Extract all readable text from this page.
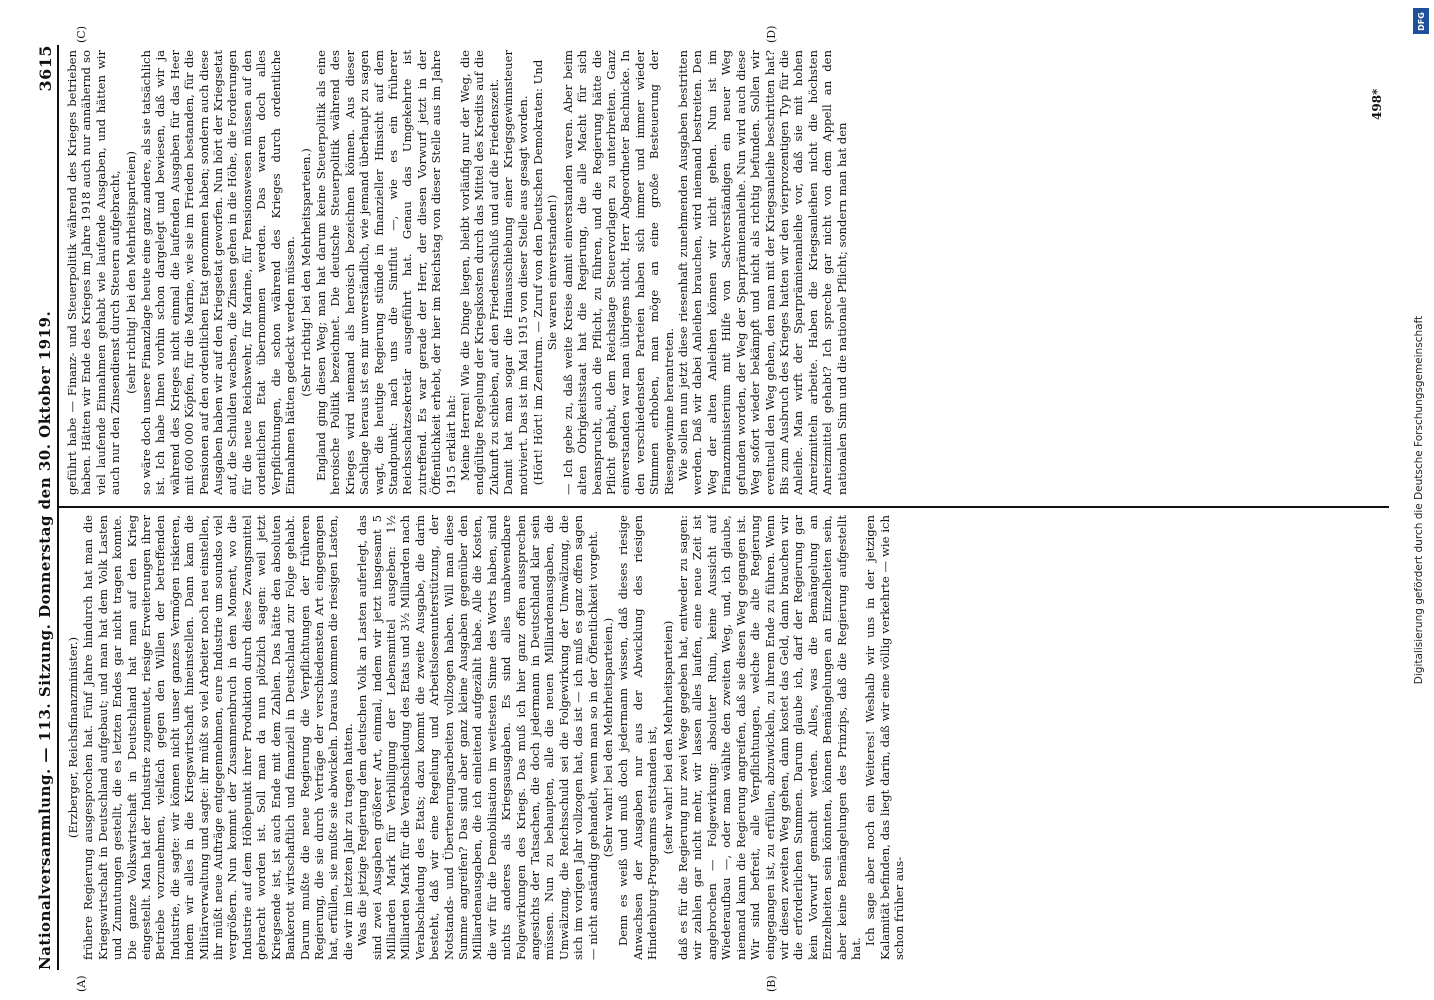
Nationalversammlung. — 113. Sitzung. Donnerstag den 30. Oktober 1919.
3615
(A)	(B)
(C)	(D)

(Erzberger, Reichsfinanzminister.) frühere Regierung ausgesprochen hat. Fünf Jahre hindurch hat man die Kriegswirtschaft in Deutschland aufgebaut; und man hat dem Volk Lasten und Zumutungen gestellt, die es letzten Endes gar nicht tragen konnte. Die ganze Volkswirtschaft in Deutschland hat man auf den Krieg eingestellt. Man hat der Industrie zugemutet, riesige Erweiterungen ihrer Betriebe vorzunehmen, vielfach gegen den Willen der betreffenden Industrie, die sagte: wir können nicht unser ganzes Vermögen riskieren, indem wir alles in die Kriegswirtschaft hineinstellen. Dann kam die Militärverwaltung und sagte: ihr müßt so viel Arbeiter noch neu einstellen, ihr müßt neue Aufträge entgegennehmen, eure Industrie um soundso viel vergrößern. Nun kommt der Zusammenbruch in dem Moment, wo die Industrie auf dem Höhepunkt ihrer Produktion durch diese Zwangsmittel gebracht worden ist. Soll man da nun plötzlich sagen: weil jetzt Kriegsende ist, ist auch Ende mit dem Zahlen. Das hätte den absoluten Bankerott wirtschaftlich und finanziell in Deutschland zur Folge gehabt. Darum mußte die neue Regierung die Verpflichtungen der früheren Regierung, die sie durch Verträge der verschiedensten Art eingegangen hat, erfüllen, sie mußte sie abwickeln. Daraus kommen die riesigen Lasten, die wir im letzten Jahr zu tragen hatten. Was die jetzige Regierung dem deutschen Volk an Lasten auferlegt, das sind zwei Ausgaben größerer Art, einmal, indem wir jetzt insgesamt 5 Milliarden Mark für Verbilligung der Lebensmittel ausgeben: 1½ Milliarden Mark für die Verabschiedung des Etats und 3½ Milliarden nach Verabschiedung des Etats; dazu kommt die zweite Ausgabe, die darin besteht, daß wir eine Regelung und Arbeitslosenunterstützung, der Notstands- und Übertenerungsarbeiten vollzogen haben. Will man diese Summe angreifen? Das sind aber ganz kleine Ausgaben gegenüber den Milliardenausgaben, die ich einleitend aufgezählt habe. Alle die Kosten, die wir für die Demobilisation im weitesten Sinne des Worts haben, sind nichts anderes als Kriegsausgaben. Es sind alles unabwendbare Folgewirkungen des Kriegs. Das muß ich hier ganz offen aussprechen angesichts der Tatsachen, die doch jedermann in Deutschland klar sein müssen. Nun zu behaupten, alle die neuen Milliardenausgaben, die Umwälzung, die Reichsschuld sei die Folgewirkung der Umwälzung, die sich im vorigen Jahr vollzogen hat, das ist — ich muß es ganz offen sagen — nicht anständig gehandelt, wenn man so in der Öffentlichkeit vorgeht. (Sehr wahr! bei den Mehrheitsparteien.) Denn es weiß und muß doch jedermann wissen, daß dieses riesige Anwachsen der Ausgaben nur aus der Abwicklung des riesigen Hindenburg-Programms entstanden ist, (sehr wahr! bei den Mehrheitsparteien) daß es für die Regierung nur zwei Wege gegeben hat, entweder zu sagen: wir zahlen gar nicht mehr, wir lassen alles laufen, eine neue Zeit ist angebrochen — Folgewirkung: absoluter Ruin, keine Aussicht auf Wiederaufbau —, oder man wählte den zweiten Weg, und, ich glaube, niemand kann die Regierung angreifen, daß sie diesen Weg gegangen ist. Wir sind befreit, alle Verpflichtungen, welche die alte Regierung eingegangen ist, zu erfüllen, abzuwickeln, zu ihrem Ende zu führen. Wenn wir diesen zweiten Weg gehen, dann kostet das Geld, dann brauchen wir die erforderlichen Summen. Darum glaube ich, darf der Regierung gar kein Vorwurf gemacht werden. Alles, was die Bemängelung an Einzelheiten sein könnten, können Bemängelungen an Einzelheiten sein, aber keine Bemängelungen des Prinzips, daß die Regierung aufgestellt hat.

Ich sage aber noch ein Weiteres! Weshalb wir uns in der jetzigen Kalamität befinden, das liegt darin, daß wir eine völlig verkehrte — wie ich schon früher aus-

geführt habe — Finanz- und Steuerpolitik während des Krieges betrieben haben. Hätten wir Ende des Krieges im Jahre 1918 auch nur annähernd so viel laufende Einnahmen gehabt wie laufende Ausgaben, und hätten wir auch nur den Zinsendienst durch Steuern aufgebracht, (sehr richtig! bei den Mehrheitsparteien) so wäre doch unsere Finanzlage heute eine ganz andere, als sie tatsächlich ist. Ich habe Ihnen vorhin schon dargelegt und bewiesen, daß wir ja während des Krieges nicht einmal die laufenden Ausgaben für das Heer mit 600 000 Köpfen, für die Marine, wie sie im Frieden bestanden, für die Pensionen auf den ordentlichen Etat genommen haben; sondern auch diese Ausgaben haben wir auf den Kriegsetat geworfen. Nun hört der Kriegsetat auf, die Schulden wachsen, die Zinsen gehen in die Höhe, die Forderungen für die neue Reichswehr, für Marine, für Pensionswesen müssen auf den ordentlichen Etat übernommen werden. Das waren doch alles Verpflichtungen, die schon während des Krieges durch ordentliche Einnahmen hätten gedeckt werden müssen. (Sehr richtig! bei den Mehrheitsparteien.) England ging diesen Weg; man hat darum keine Steuerpolitik als eine heroische Politik bezeichnet. Die deutsche Steuerpolitik während des Krieges wird niemand als heroisch bezeichnen können. Aus dieser Sachlage heraus ist es mir unverständlich, wie jemand überhaupt zu sagen wagt, die heutige Regierung stünde in finanzieller Hinsicht auf dem Standpunkt: nach uns die Sintflut —, wie es ein früherer Reichsschatzsekretär ausgeführt hat. Genau das Umgekehrte ist zutreffend. Es war gerade der Herr, der diesen Vorwurf jetzt in der Öffentlichkeit erhebt, der hier im Reichstag von dieser Stelle aus im Jahre 1915 erklärt hat: Meine Herren! Wie die Dinge liegen, bleibt vorläufig nur der Weg, die endgültige Regelung der Kriegskosten durch das Mittel des Kredits auf die Zukunft zu schieben, auf den Friedensschluß und auf die Friedenszeit. Damit hat man sogar die Hinausschiebung einer Kriegsgewinnsteuer motiviert. Das ist im Mai 1915 von dieser Stelle aus gesagt worden. (Hört! Hört! im Zentrum. — Zuruf von den Deutschen Demokraten: Und Sie waren einverstanden!) — Ich gebe zu, daß weite Kreise damit einverstanden waren. Aber beim alten Obrigkeitsstaat hat die Regierung, die alle Macht für sich beansprucht, auch die Pflicht, zu führen, und die Regierung hätte die Pflicht gehabt, dem Reichstage Steuervorlagen zu unterbreiten. Ganz einverstanden war man übrigens nicht, Herr Abgeordneter Bachnicke. In den verschiedensten Parteien haben sich immer und immer wieder Stimmen erhoben, man möge an eine große Besteuerung der Riesengewinne herantreten. Wie sollen nun jetzt diese riesenhaft zunehmenden Ausgaben bestritten werden. Daß wir dabei Anleihen brauchen, wird niemand bestreiten. Den Weg der alten Anleihen können wir nicht gehen. Nun ist im Finanzministerium mit Hilfe von Sachverständigen ein neuer Weg gefunden worden, der Weg der Sparprämienanleihe. Nun wird auch diese Weg sofort wieder bekämpft und nicht als richtig befunden. Sollen wir eventuell den Weg gehen, den man mit der Kriegsanleihe beschritten hat? Bis zum Ausbruch des Krieges hatten wir den vierprozentigen Typ für die Anleihe. Man wirft der Sparprämienanleihe vor, daß sie mit hohen Anreizmitteln arbeite. Haben die Kriegsanleihen nicht die höchsten Anreizmittel gehabt? Ich spreche gar nicht von dem Appell an den nationalen Sinn und die nationale Pflicht; sondern man hat den

498*
Digitalisierung gefördert durch die Deutsche Forschungsgemeinschaft
DFG
